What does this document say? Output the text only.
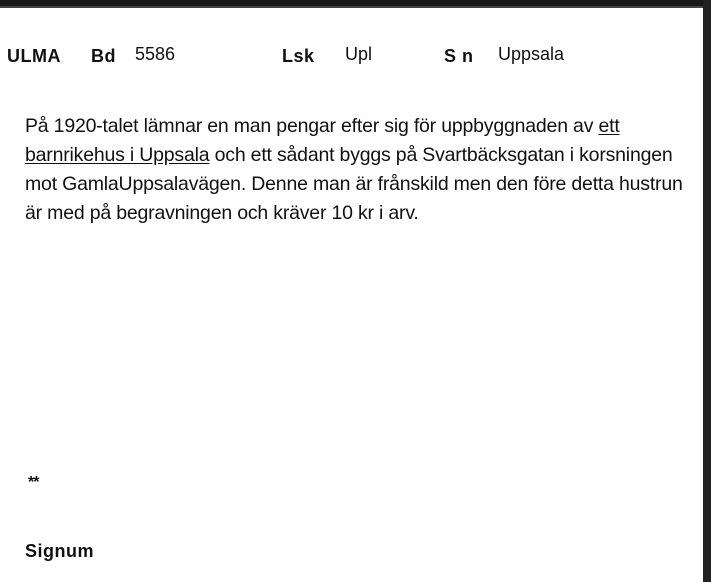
ULMA Bd 5586	Lsk Upl	S n Uppsala
På 1920-talet lämnar en man pengar efter sig för uppbyggnaden av ett barnrikehus i Uppsala och ett sådant byggs på Svartbäcksgatan i korsningen mot GamlaUppsalavägen. Denne man är frånskild men den före detta hustrun är med på begravningen och kräver 10 kr i arv.
**
Signum
